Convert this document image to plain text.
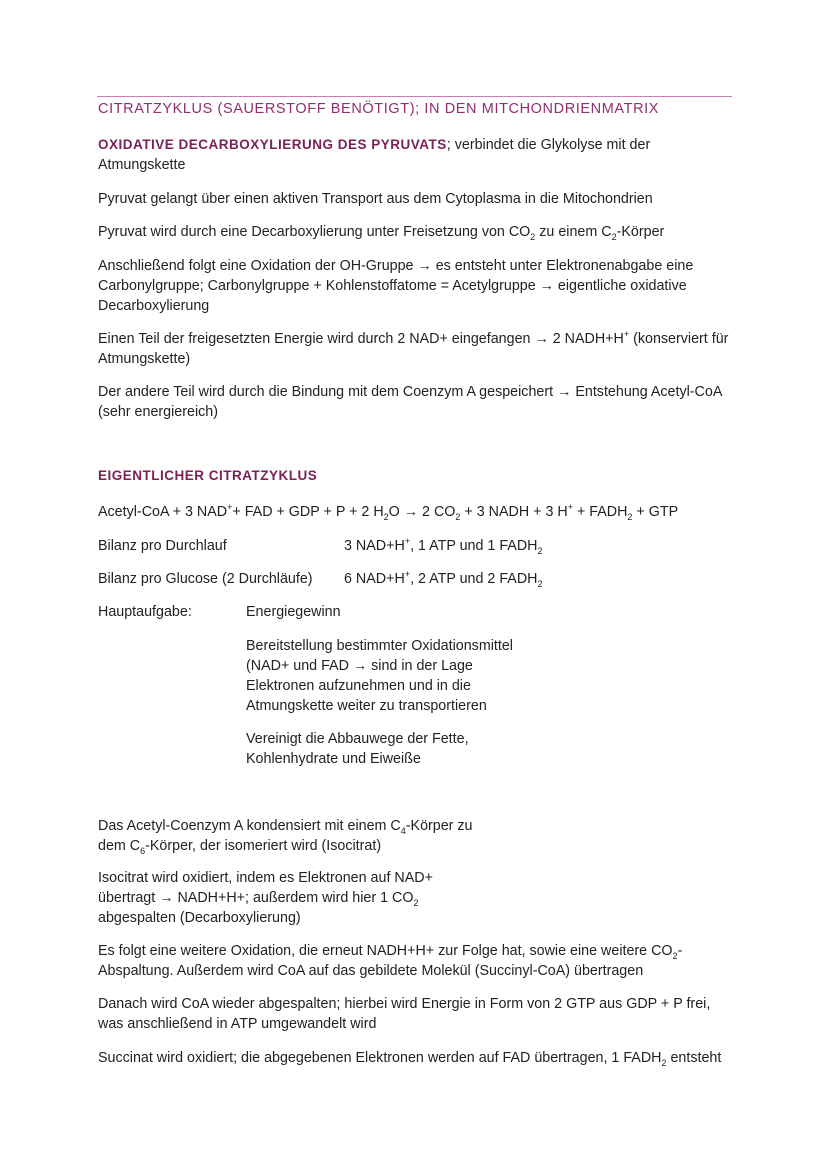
CITRATZYKLUS (SAUERSTOFF BENÖTIGT); IN DEN MITCHONDRIENMATRIX
OXIDATIVE DECARBOXYLIERUNG DES PYRUVATS; verbindet die Glykolyse mit der Atmungskette
Pyruvat gelangt über einen aktiven Transport aus dem Cytoplasma in die Mitochondrien
Pyruvat wird durch eine Decarboxylierung unter Freisetzung von $CO_2$ zu einem $C_2$-Körper
Anschließend folgt eine Oxidation der OH-Gruppe → es entsteht unter Elektronenabgabe eine Carbonylgruppe; Carbonylgruppe + Kohlenstoffatome = Acetylgruppe → eigentliche oxidative Decarboxylierung
Einen Teil der freigesetzten Energie wird durch 2 NAD+ eingefangen → 2 NADH+H+ (konserviert für Atmungskette)
Der andere Teil wird durch die Bindung mit dem Coenzym A gespeichert → Entstehung Acetyl-CoA (sehr energiereich)
EIGENTLICHER CITRATZYKLUS
Acetyl-CoA + 3 NAD++ FAD + GDP + P + 2 $H_2O \to 2$ $CO_2 + 3$ NADH + 3 $H^+ + FADH_2$ + GTP
Bilanz pro Durchlauf	3 NAD+H+, 1 ATP und 1 $FADH_2$
Bilanz pro Glucose (2 Durchläufe) 6 NAD+H+, 2 ATP und 2 $FADH_2$
Hauptaufgabe:	Energiegewinn
Bereitstellung bestimmter Oxidationsmittel (NAD+ und FAD → sind in der Lage Elektronen aufzunehmen und in die Atmungskette weiter zu transportieren
Vereinigt die Abbauwege der Fette, Kohlenhydrate und Eiweiße
Das Acetyl-Coenzym A kondensiert mit einem $C_4$-Körper zu dem $C_6$-Körper, der isomeriert wird (Isocitrat)
Isocitrat wird oxidiert, indem es Elektronen auf NAD+ übertragt → NADH+H+; außerdem wird hier 1 $CO_2$ abgespalten (Decarboxylierung)
Es folgt eine weitere Oxidation, die erneut NADH+H+ zur Folge hat, sowie eine weitere $CO_2$-Abspaltung. Außerdem wird CoA auf das gebildete Molekül (Succinyl-CoA) übertragen
Danach wird CoA wieder abgespalten; hierbei wird Energie in Form von 2 GTP aus GDP + P frei, was anschließend in ATP umgewandelt wird
Succinat wird oxidiert; die abgegebenen Elektronen werden auf FAD übertragen, 1 $FADH_2$ entsteht
